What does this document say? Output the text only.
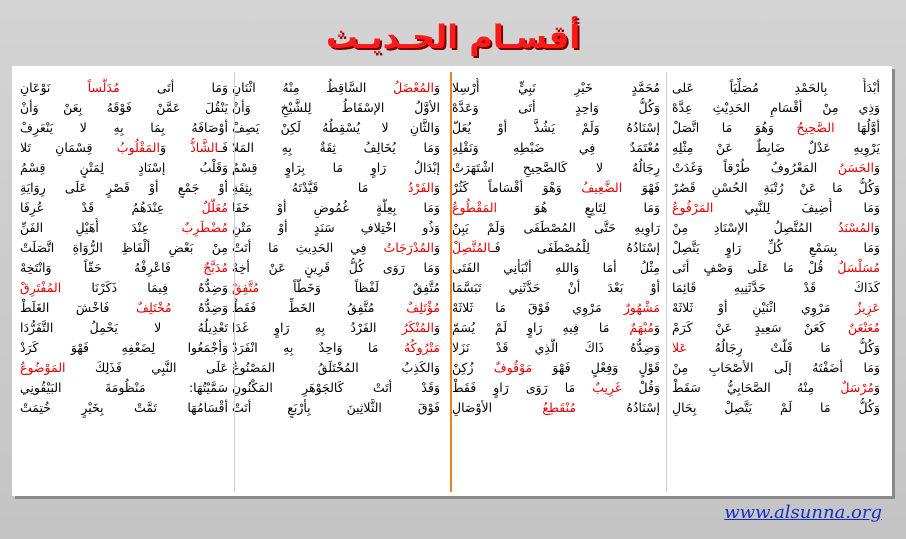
أقسـام الحـديـث
أبْدَأُ بِالحَمْدِ مُصَلِّيَاً عَلى
وَذِي مِنْ أقْسَامِ الحَدِيْثِ عِدَّهْ
أوَّلُهَا الصَّحِيحُ وَهُوَ مَا اتَّصَلْ
يَرْوِيهِ عَدْلٌ ضَابِطٌ عَنْ مِثْلِهِ
وَالحَسَنُ المَعْرُوفُ طُرْقاً وَغَدَتْ
وَكُلُّ مَا عَنْ رُتْبَةِ الحُسْنِ قَصُرْ
وَمَا أُضِيفَ لِلنَّبِي المَرْفُوعُ
وَالمُسْنَدُ المُتَّصِلُ الإسْنَادِ مِنْ
وَمَا بِسَمْعِ كُلِّ رَاوٍ يَتَّصِلْ
مُسَلْسَلٌ قُلْ مَا عَلَى وَصْفٍ أتَى
كَذَاكَ قَدْ حَدَّثَنِيهِ قَائِمَا
عَزِيزٌ مَرْوِي اثْنَيْنِ أوْ ثَلاثَهْ
مُعَنْعَنٌ كَعَنْ سَعِيدٍ عَنْ كَرَمْ
وَكُلُّ مَا قَلَّتْ رِجَالُهُ عَلا
وَمَا أضَفْتَهُ إلَى الأصْحَابِ مِنْ
وَمُرْسَلٌ مِنْهُ الصَّحَابِيُّ سَقَطْ
وَكُلُّ مَا لَمْ يَتَّصِلْ بِحَالِ
مُحَمَّدٍ خَيْرِ نَبِيٍّ أُرْسِلا
وَكُلُّ وَاحِدٍ أتَى وَعَدَّهْ
إسْنَادُهُ وَلَمْ يَشُذَّ أوْ يُعَلّ
مُعْتَمَدٌ فِي ضَبْطِهِ وَنَقْلِهِ
رِجَالُهُ لا كَالصَّحِيحِ اشْتَهَرَتْ
فَهْوَ الضَّعِيفُ وَهْوَ أقْسَاماً كَثُرْ
وَمَا لِتَابِعٍ هُوَ المَقْطُوعُ
رَاوِيهِ حَتَّى المُصْطَفَى وَلَمْ يَبِنْ
إسْنَادُهُ لِلْمُصْطَفَى فَـالمُتَّصِلْ
مِثْلُ أمَا وَاللهِ أنْبَأنِي الفَتَى
أوْ بَعْدَ أنْ حَدَّثَنِي تَبَسَّمَا
مَشْهُورٌ مَرْوِي فَوْقَ مَا ثَلاثَهْ
وَمُبْهَمٌ مَا فِيهِ رَاوٍ لَمْ يُسَمّ
وَضِدُّهُ ذَاكَ الَّذِي قَدْ نَزَلا
قَوْلٍ وَفِعْلٍ فَهْوَ مَوْقُوفٌ زُكِنْ
وَقُلْ غَرِيبٌ مَا رَوَى رَاوٍ فَقَطْ
إسْنَادُهُ مُنْقَطِعُ الأوْصَالِ
وَالمُعْضَلُ السَّاقِطُ مِنْهُ اثْنَانِ
الأوَّلُ الإسْقَاطُ لِلشَّيْخِ وَأنْ
وَالثَّانِ لا يُسْقِطُهُ لَكِنْ يَصِفْ
وَمَا يُخَالِفُ ثِقَةٌ بِهِ المَلا
إبْدَالُ رَاوٍ مَا بِرَاوٍ قِسْمُ
وَالفَرْدُ مَا قَيَّدْتَهُ بِثِقَةِ
وَمَا بِعِلَّةٍ غُمُوضٍ أوْ خَفَا
وَذُو اخْتِلافِ سَنَدٍ أوْ مَتْنِ
وَالمُدْرَجَاتُ فِي الحَدِيثِ مَا أتَتْ
وَمَا رَوَى كُلُّ قَرِينٍ عَنْ أخِهْ
مُتَّفِقٌ لَفْظاً وَخَطّاً مُتَّفِقْ
مُؤْتَلِفٌ مُتَّفِقُ الخَطِّ فَقَطْ
وَالمُنْكَرُ الفَرْدُ بِهِ رَاوٍ غَدَا
مَتْرُوكُهُ مَا وَاحِدٌ بِهِ انْفَرَدْ
وَالكَذِبُ المُخْتَلَقُ المَصْنُوعُ
وَقَدْ أتَتْ كَالجَوْهَرِ المَكْنُونِ
فَوْقَ الثَّلاثِينَ بِأرْبَعٍ أتَتْ
وَمَا أتَى مُدَلَّساً نَوْعَانِ
يَنْقُلَ عَمَّنْ فَوْقَهُ بِعَنْ وَأنْ
أوْصَافَهُ بِمَا بِهِ لا يَنْعَرِفْ
فَـالشَّاذُّ وَالمَقْلُوبُ قِسْمَانِ تَلا
وَقَلْبُ إسْنَادٍ لِمَتْنٍ قِسْمُ
أوْ جَمْعٍ أوْ قَصْرٍ عَلَى رِوَايَةِ
مُعَلَّلٌ عِنْدَهُمُ قَدْ عُرِفَا
مُضْطَرِبٌ عِنْدَ أُهَيْلِ الفَنِّ
مِنْ بَعْضِ ألْفَاظِ الرُّوَاةِ اتَّصَلَتْ
مُدَبَّجٌ فَاعْرِفْهُ حَقّاً وَانْتَخِهْ
وَضِدُّهُ فِيمَا ذَكَرْنَا المُفْتَرِقْ
وَضِدُّهُ مُخْتَلِفٌ فَاخْشَ الغَلَطْ
تَعْدِيلُهُ لا يَحْمِلُ التَّفَرُّدَا
وَأجْمَعُوا لِضَعْفِهِ فَهْوَ كَرَدْ
عَلَى النَّبِي فَذَلِكَ المَوْضُوعُ
سَمَّيْتُهَا: مَنْظُومَةَ البَيْقُونِي
أقْسَامُهَا تَمَّتْ بِخَيْرٍ خُتِمَتْ
www.alsunna.org
